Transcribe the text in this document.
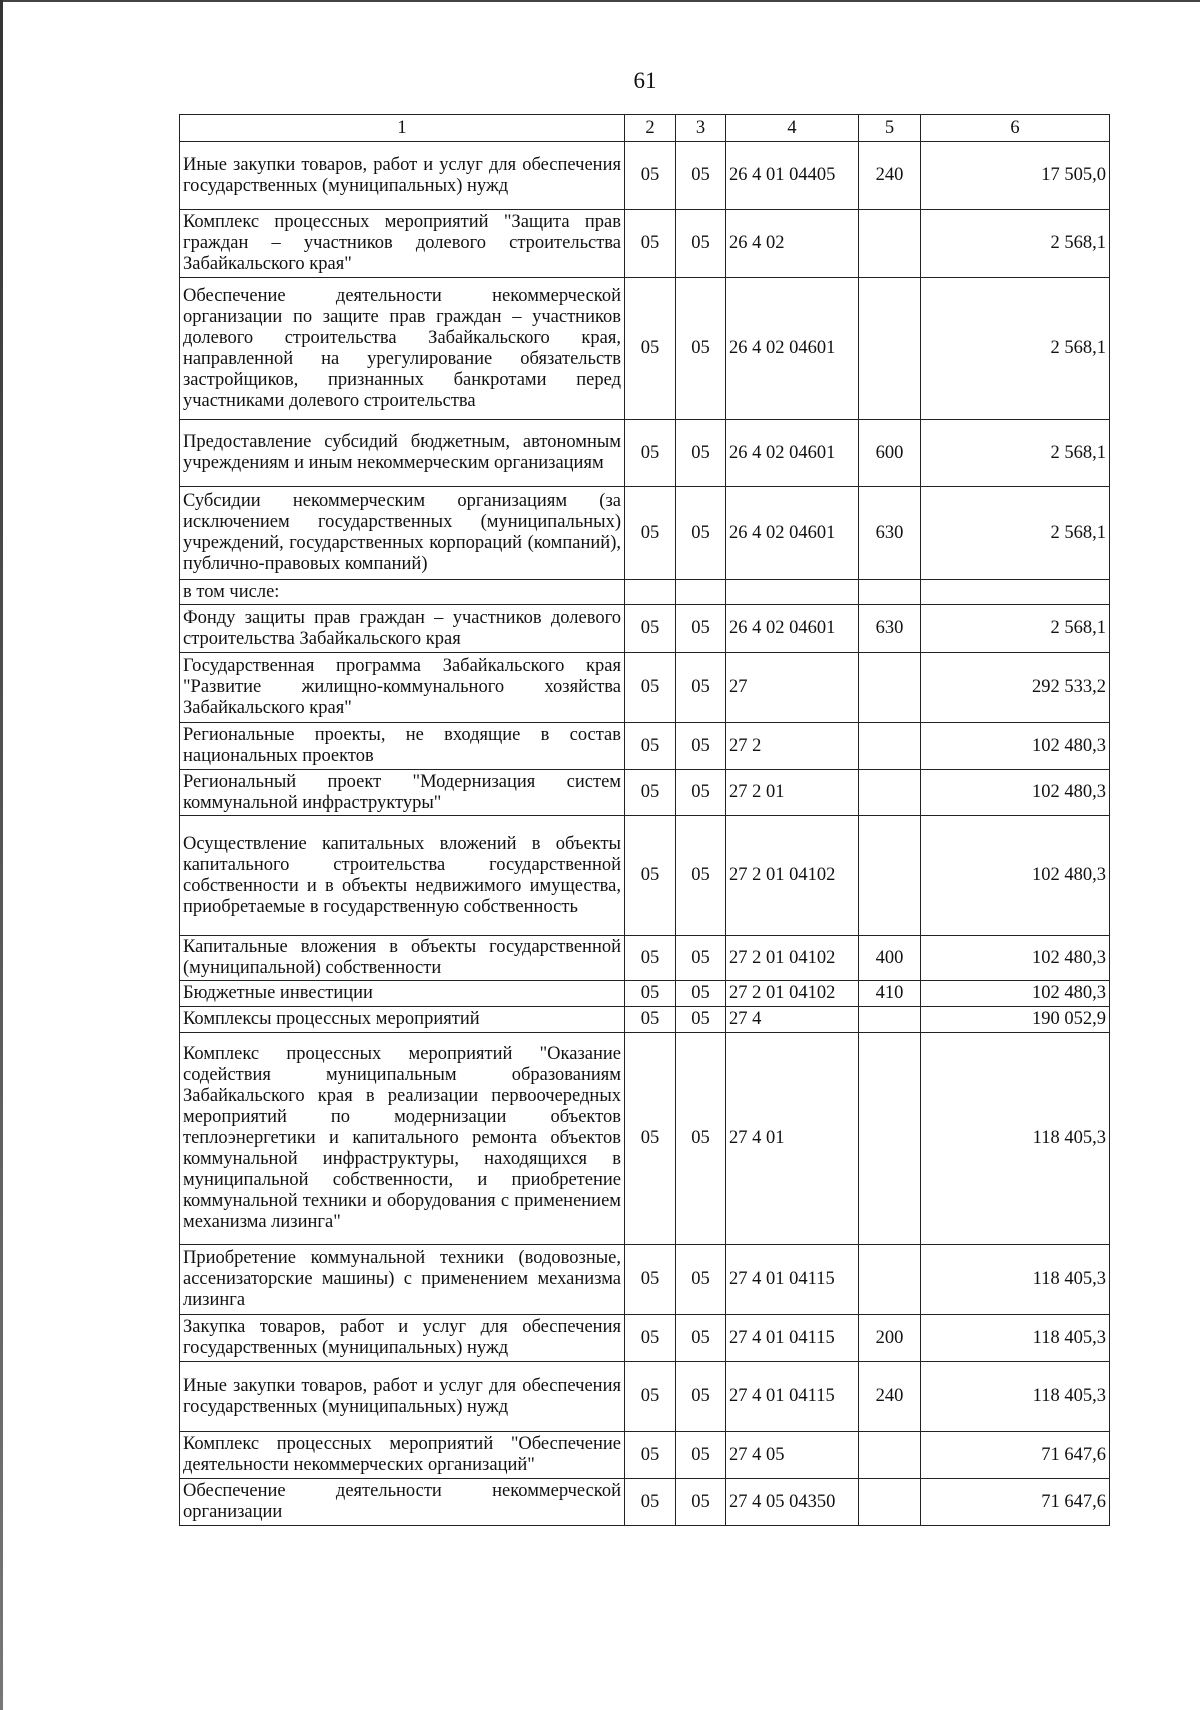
61
1	2	3	4	5	6
Иные закупки товаров, работ и услуг для обеспечения государственных (муниципальных) нужд	05	05	26 4 01 04405	240	17 505,0
Комплекс процессных мероприятий "Защита прав граждан – участников долевого строительства Забайкальского края"	05	05	26 4 02		2 568,1
Обеспечение деятельности некоммерческой организации по защите прав граждан – участников долевого строительства Забайкальского края, направленной на урегулирование обязательств застройщиков, признанных банкротами перед участниками долевого строительства	05	05	26 4 02 04601		2 568,1
Предоставление субсидий бюджетным, автономным учреждениям и иным некоммерческим организациям	05	05	26 4 02 04601	600	2 568,1
Субсидии некоммерческим организациям (за исключением государственных (муниципальных) учреждений, государственных корпораций (компаний), публично-правовых компаний)	05	05	26 4 02 04601	630	2 568,1
в том числе:					
Фонду защиты прав граждан – участников долевого строительства Забайкальского края	05	05	26 4 02 04601	630	2 568,1
Государственная программа Забайкальского края "Развитие жилищно-коммунального хозяйства Забайкальского края"	05	05	27		292 533,2
Региональные проекты, не входящие в состав национальных проектов	05	05	27 2		102 480,3
Региональный проект "Модернизация систем коммунальной инфраструктуры"	05	05	27 2 01		102 480,3
Осуществление капитальных вложений в объекты капитального строительства государственной собственности и в объекты недвижимого имущества, приобретаемые в государственную собственность	05	05	27 2 01 04102		102 480,3
Капитальные вложения в объекты государственной (муниципальной) собственности	05	05	27 2 01 04102	400	102 480,3
Бюджетные инвестиции	05	05	27 2 01 04102	410	102 480,3
Комплексы процессных мероприятий	05	05	27 4		190 052,9
Комплекс процессных мероприятий "Оказание содействия муниципальным образованиям Забайкальского края в реализации первоочередных мероприятий по модернизации объектов теплоэнергетики и капитального ремонта объектов коммунальной инфраструктуры, находящихся в муниципальной собственности, и приобретение коммунальной техники и оборудования с применением механизма лизинга"	05	05	27 4 01		118 405,3
Приобретение коммунальной техники (водовозные, ассенизаторские машины) с применением механизма лизинга	05	05	27 4 01 04115		118 405,3
Закупка товаров, работ и услуг для обеспечения государственных (муниципальных) нужд	05	05	27 4 01 04115	200	118 405,3
Иные закупки товаров, работ и услуг для обеспечения государственных (муниципальных) нужд	05	05	27 4 01 04115	240	118 405,3
Комплекс процессных мероприятий "Обеспечение деятельности некоммерческих организаций"	05	05	27 4 05		71 647,6
Обеспечение деятельности некоммерческой организации	05	05	27 4 05 04350		71 647,6
